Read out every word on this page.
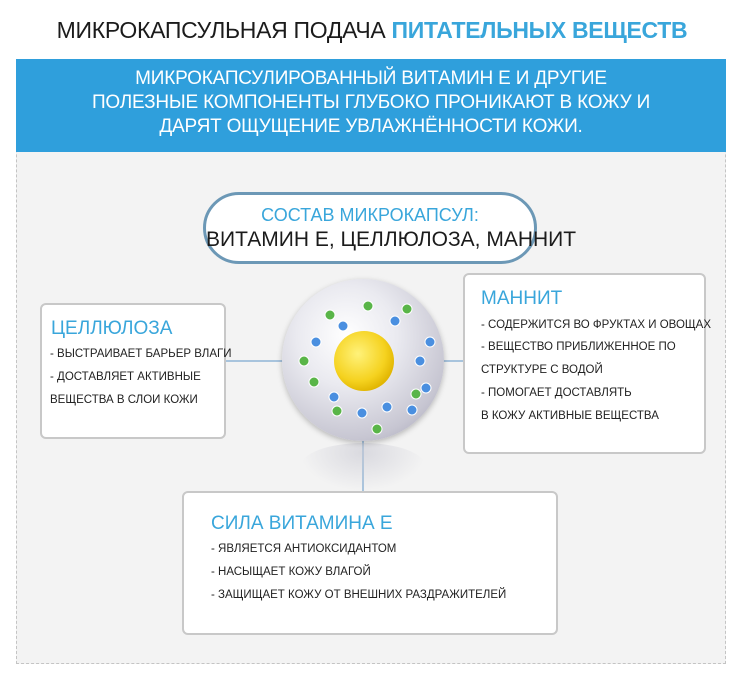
МИКРОКАПСУЛЬНАЯ ПОДАЧА ПИТАТЕЛЬНЫХ ВЕЩЕСТВ
МИКРОКАПСУЛИРОВАННЫЙ ВИТАМИН Е И ДРУГИЕ
ПОЛЕЗНЫЕ КОМПОНЕНТЫ ГЛУБОКО ПРОНИКАЮТ В КОЖУ И
ДАРЯТ ОЩУЩЕНИЕ УВЛАЖНЁННОСТИ КОЖИ.
СОСТАВ МИКРОКАПСУЛ:
ВИТАМИН Е, ЦЕЛЛЮЛОЗА, МАННИТ
ЦЕЛЛЮЛОЗА
- ВЫСТРАИВАЕТ БАРЬЕР ВЛАГИ
- ДОСТАВЛЯЕТ АКТИВНЫЕ
ВЕЩЕСТВА В СЛОИ КОЖИ
МАННИТ
- СОДЕРЖИТСЯ ВО ФРУКТАХ И ОВОЩАХ
- ВЕЩЕСТВО ПРИБЛИЖЕННОЕ ПО
СТРУКТУРЕ С ВОДОЙ
- ПОМОГАЕТ ДОСТАВЛЯТЬ
В КОЖУ АКТИВНЫЕ ВЕЩЕСТВА
СИЛА ВИТАМИНА Е
- ЯВЛЯЕТСЯ АНТИОКСИДАНТОМ
- НАСЫЩАЕТ КОЖУ ВЛАГОЙ
- ЗАЩИЩАЕТ КОЖУ ОТ ВНЕШНИХ РАЗДРАЖИТЕЛЕЙ
